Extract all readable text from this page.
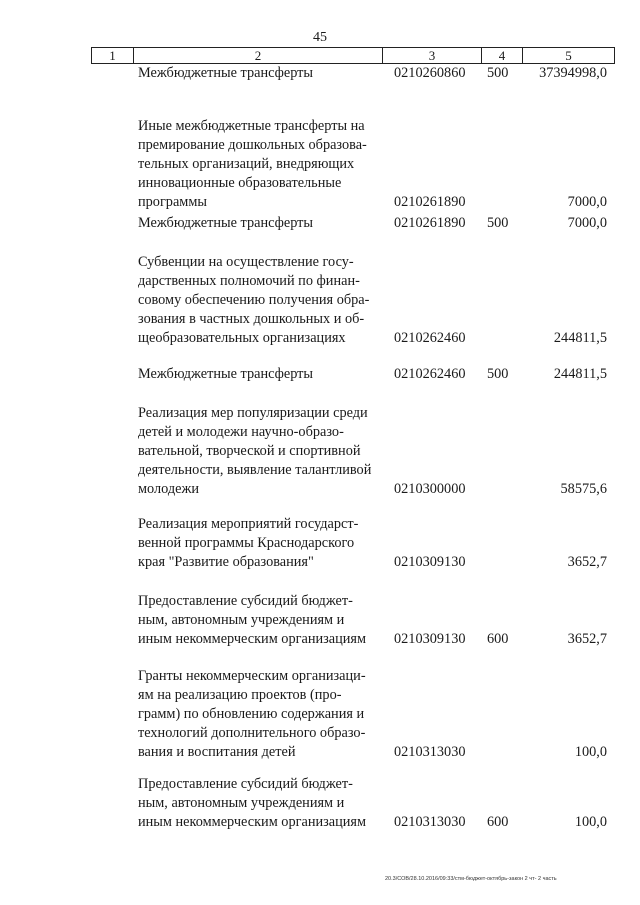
45
1	2	3	4	5
Межбюджетные трансферты	0210260860 500 37394998,0
Иные межбюджетные трансферты на
премирование дошкольных образова-
тельных организаций, внедряющих
инновационные образовательные
программы	0210261890	7000,0
Межбюджетные трансферты	0210261890 500	7000,0
Субвенции на осуществление госу-
дарственных полномочий по финан-
совому обеспечению получения обра-
зования в частных дошкольных и об-
щеобразовательных организациях	0210262460	244811,5
Межбюджетные трансферты	0210262460 500	244811,5
Реализация мер популяризации среди
детей и молодежи научно-образо-
вательной, творческой и спортивной
деятельности, выявление талантливой
молодежи	0210300000	58575,6
Реализация мероприятий государст-
венной программы Краснодарского
края "Развитие образования"	0210309130	3652,7
Предоставление субсидий бюджет-
ным, автономным учреждениям и
иным некоммерческим организациям	0210309130 600	3652,7
Гранты некоммерческим организаци-
ям на реализацию проектов (про-
грамм) по обновлению содержания и
технологий дополнительного образо-
вания и воспитания детей	0210313030	100,0
Предоставление субсидий бюджет-
ным, автономным учреждениям и
иным некоммерческим организациям	0210313030 600	100,0
20.3/СОВ/28.10.2016/09:33/стм-бюджет-октябрь-закон 2 чт- 2 часть
